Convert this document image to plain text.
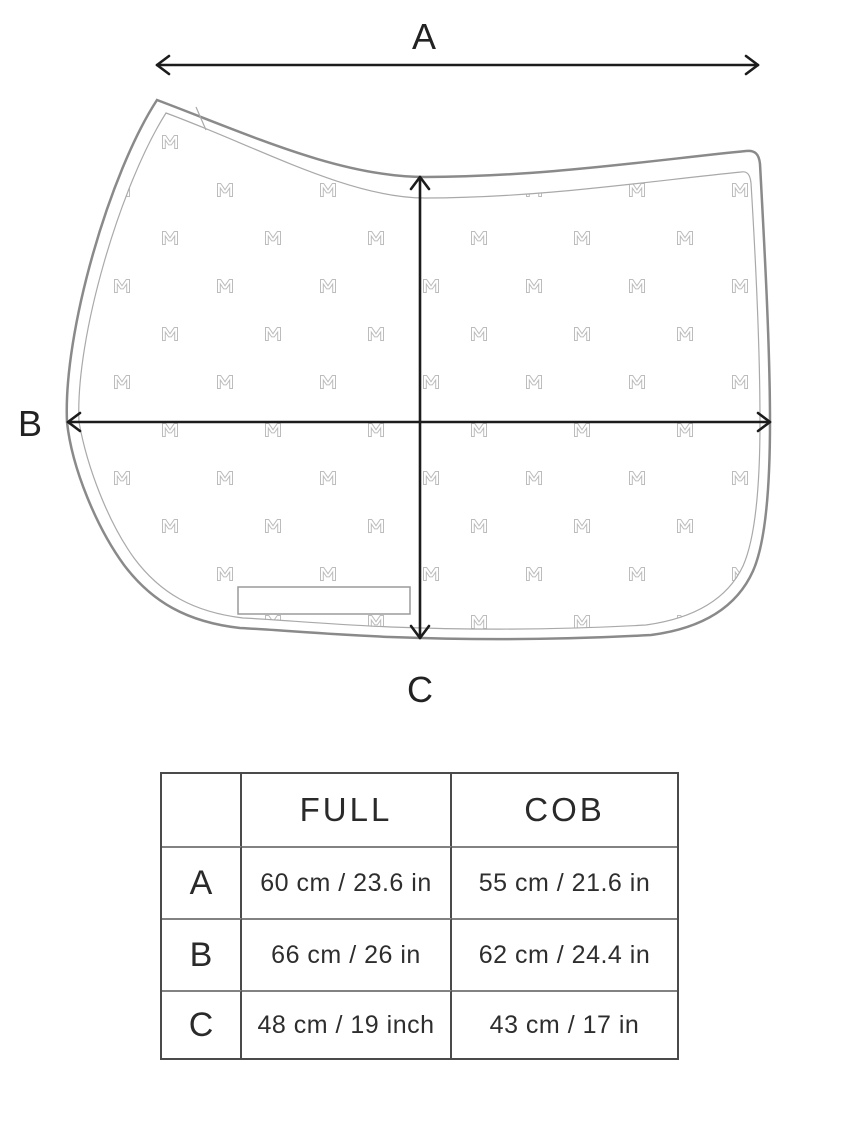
A
B
C
FULL	COB
A	60 cm / 23.6 in	55 cm / 21.6 in
B	66 cm / 26 in	62 cm / 24.4 in
C	48 cm / 19 inch	43 cm / 17 in
